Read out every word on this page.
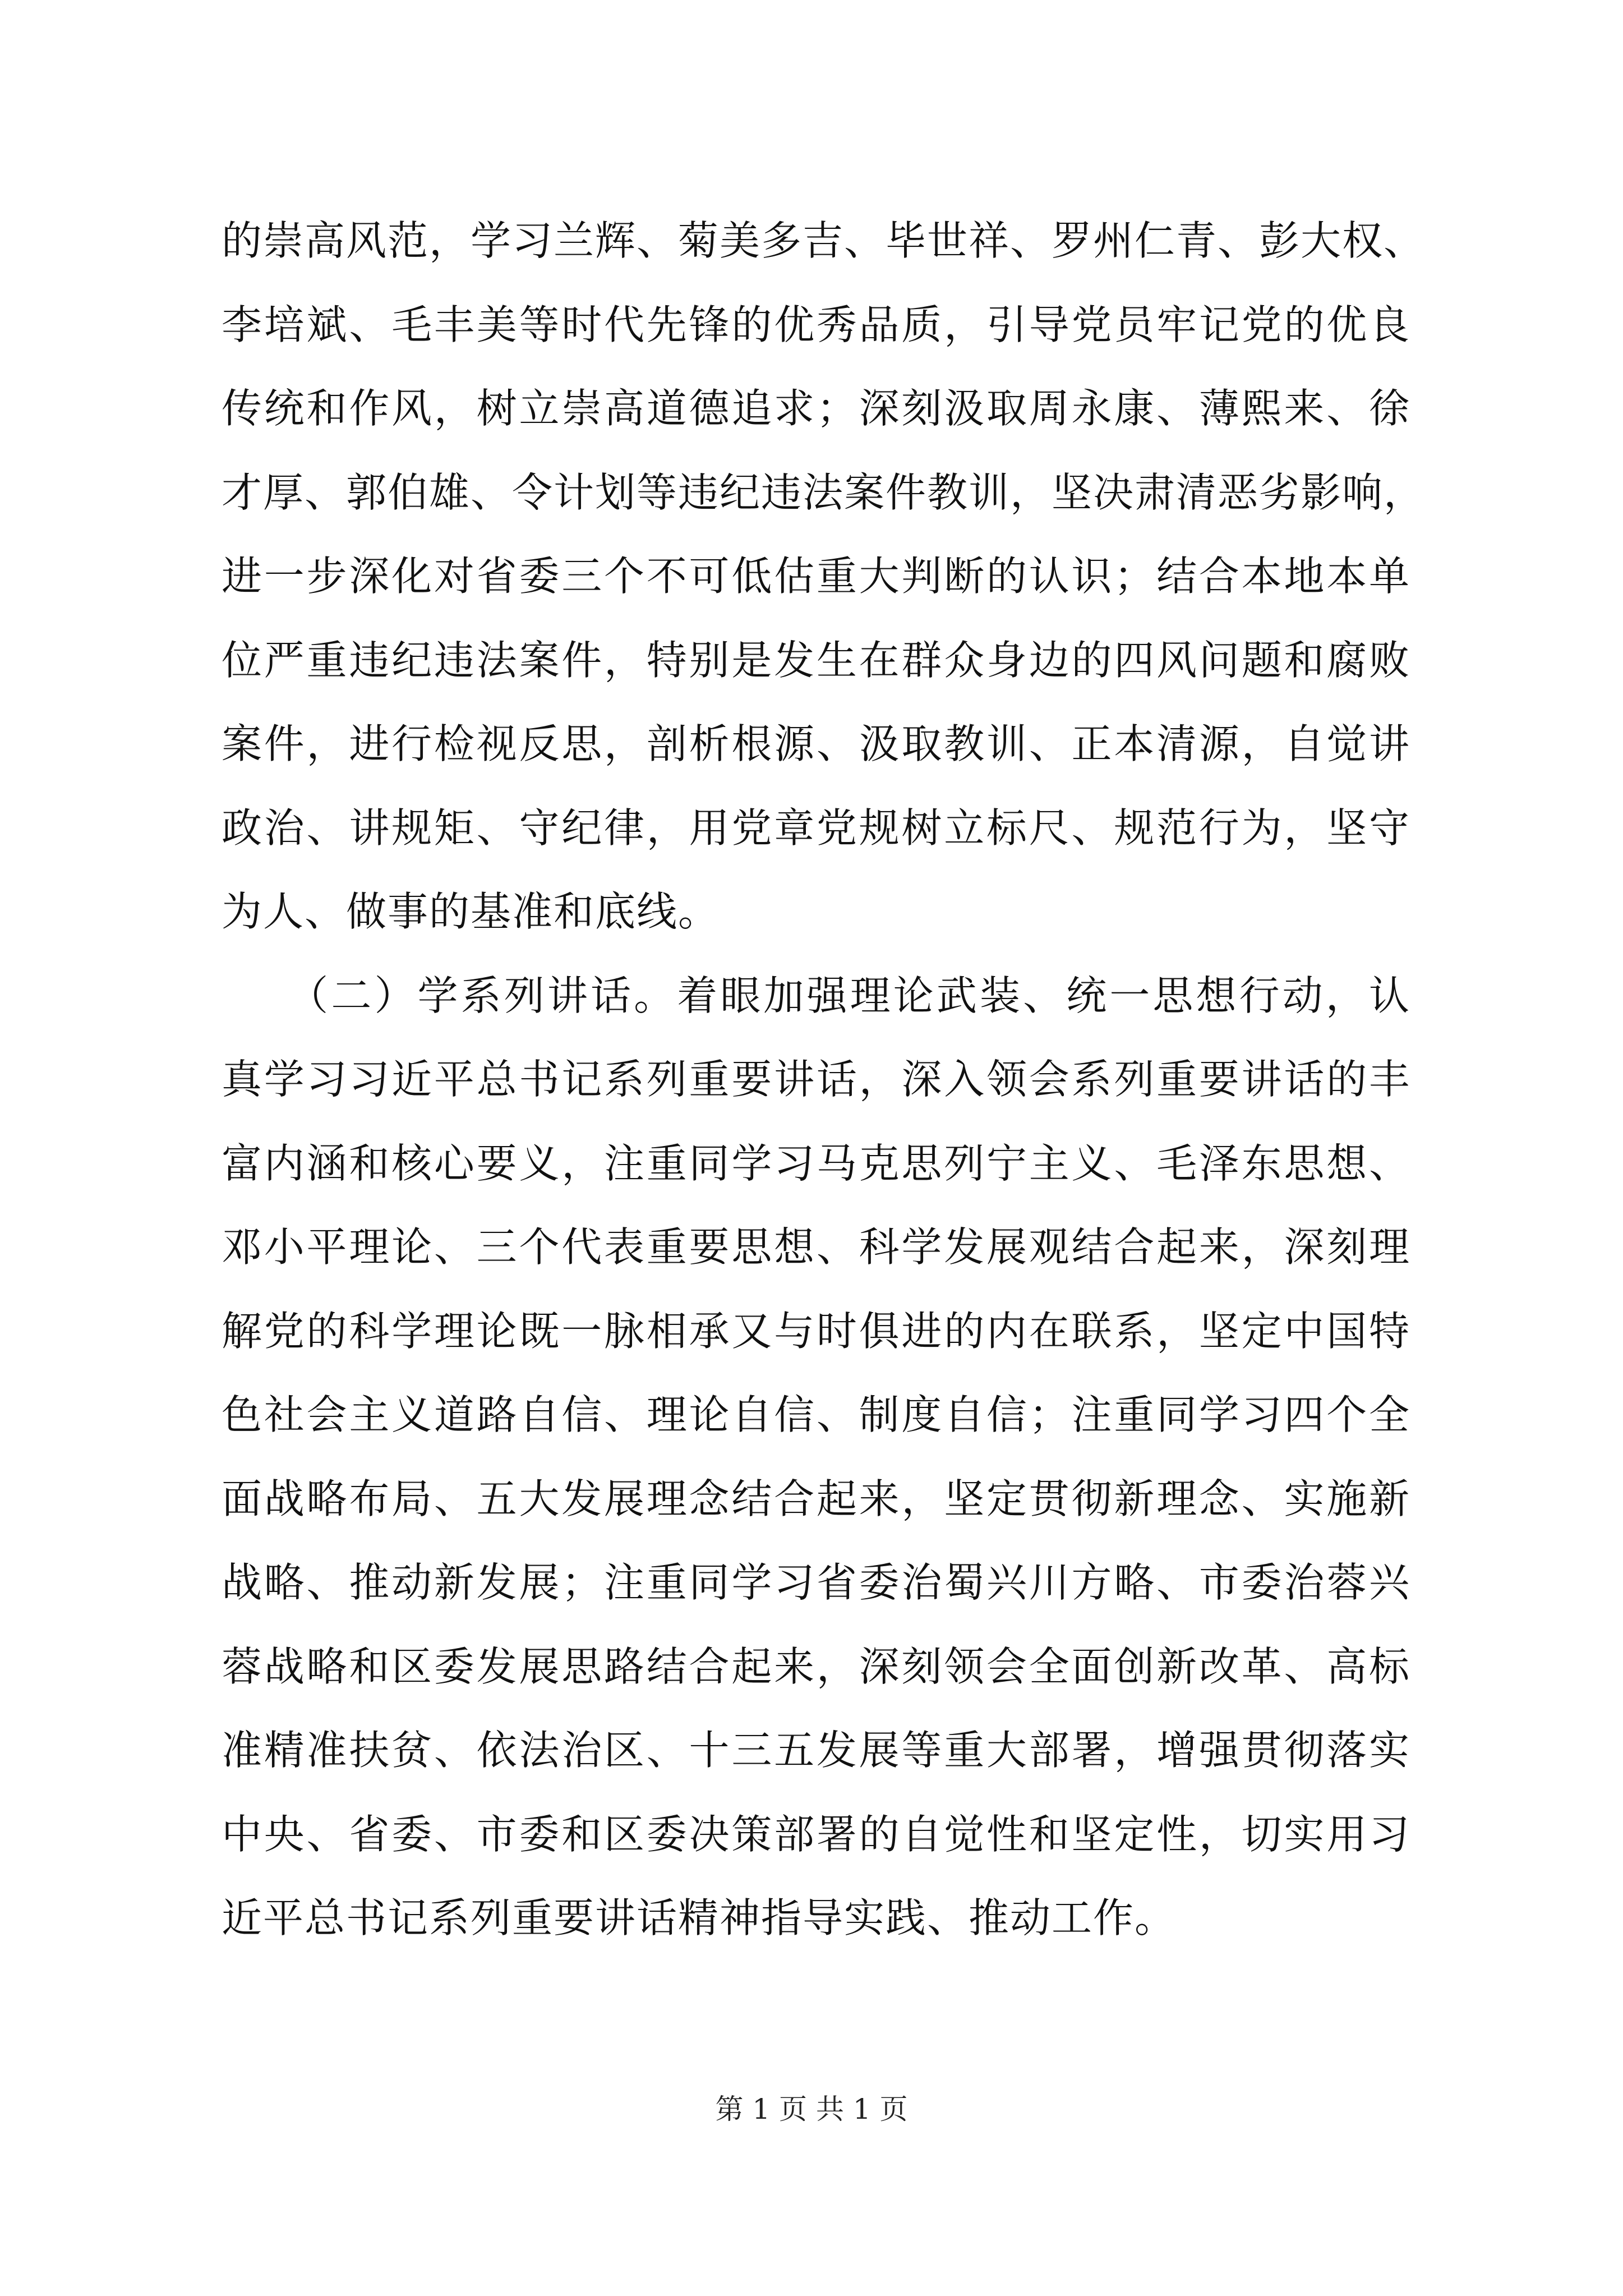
的崇高风范，学习兰辉、菊美多吉、毕世祥、罗州仁青、彭大权、
李培斌、毛丰美等时代先锋的优秀品质，引导党员牢记党的优良
传统和作风，树立崇高道德追求；深刻汲取周永康、薄熙来、徐
才厚、郭伯雄、令计划等违纪违法案件教训，坚决肃清恶劣影响，
进一步深化对省委三个不可低估重大判断的认识；结合本地本单
位严重违纪违法案件，特别是发生在群众身边的四风问题和腐败
案件，进行检视反思，剖析根源、汲取教训、正本清源，自觉讲
政治、讲规矩、守纪律，用党章党规树立标尺、规范行为，坚守
为人、做事的基准和底线。
　　（二）学系列讲话。着眼加强理论武装、统一思想行动，认
真学习习近平总书记系列重要讲话，深入领会系列重要讲话的丰
富内涵和核心要义，注重同学习马克思列宁主义、毛泽东思想、
邓小平理论、三个代表重要思想、科学发展观结合起来，深刻理
解党的科学理论既一脉相承又与时俱进的内在联系，坚定中国特
色社会主义道路自信、理论自信、制度自信；注重同学习四个全
面战略布局、五大发展理念结合起来，坚定贯彻新理念、实施新
战略、推动新发展；注重同学习省委治蜀兴川方略、市委治蓉兴
蓉战略和区委发展思路结合起来，深刻领会全面创新改革、高标
准精准扶贫、依法治区、十三五发展等重大部署，增强贯彻落实
中央、省委、市委和区委决策部署的自觉性和坚定性，切实用习
近平总书记系列重要讲话精神指导实践、推动工作。
第 1 页 共 1 页
